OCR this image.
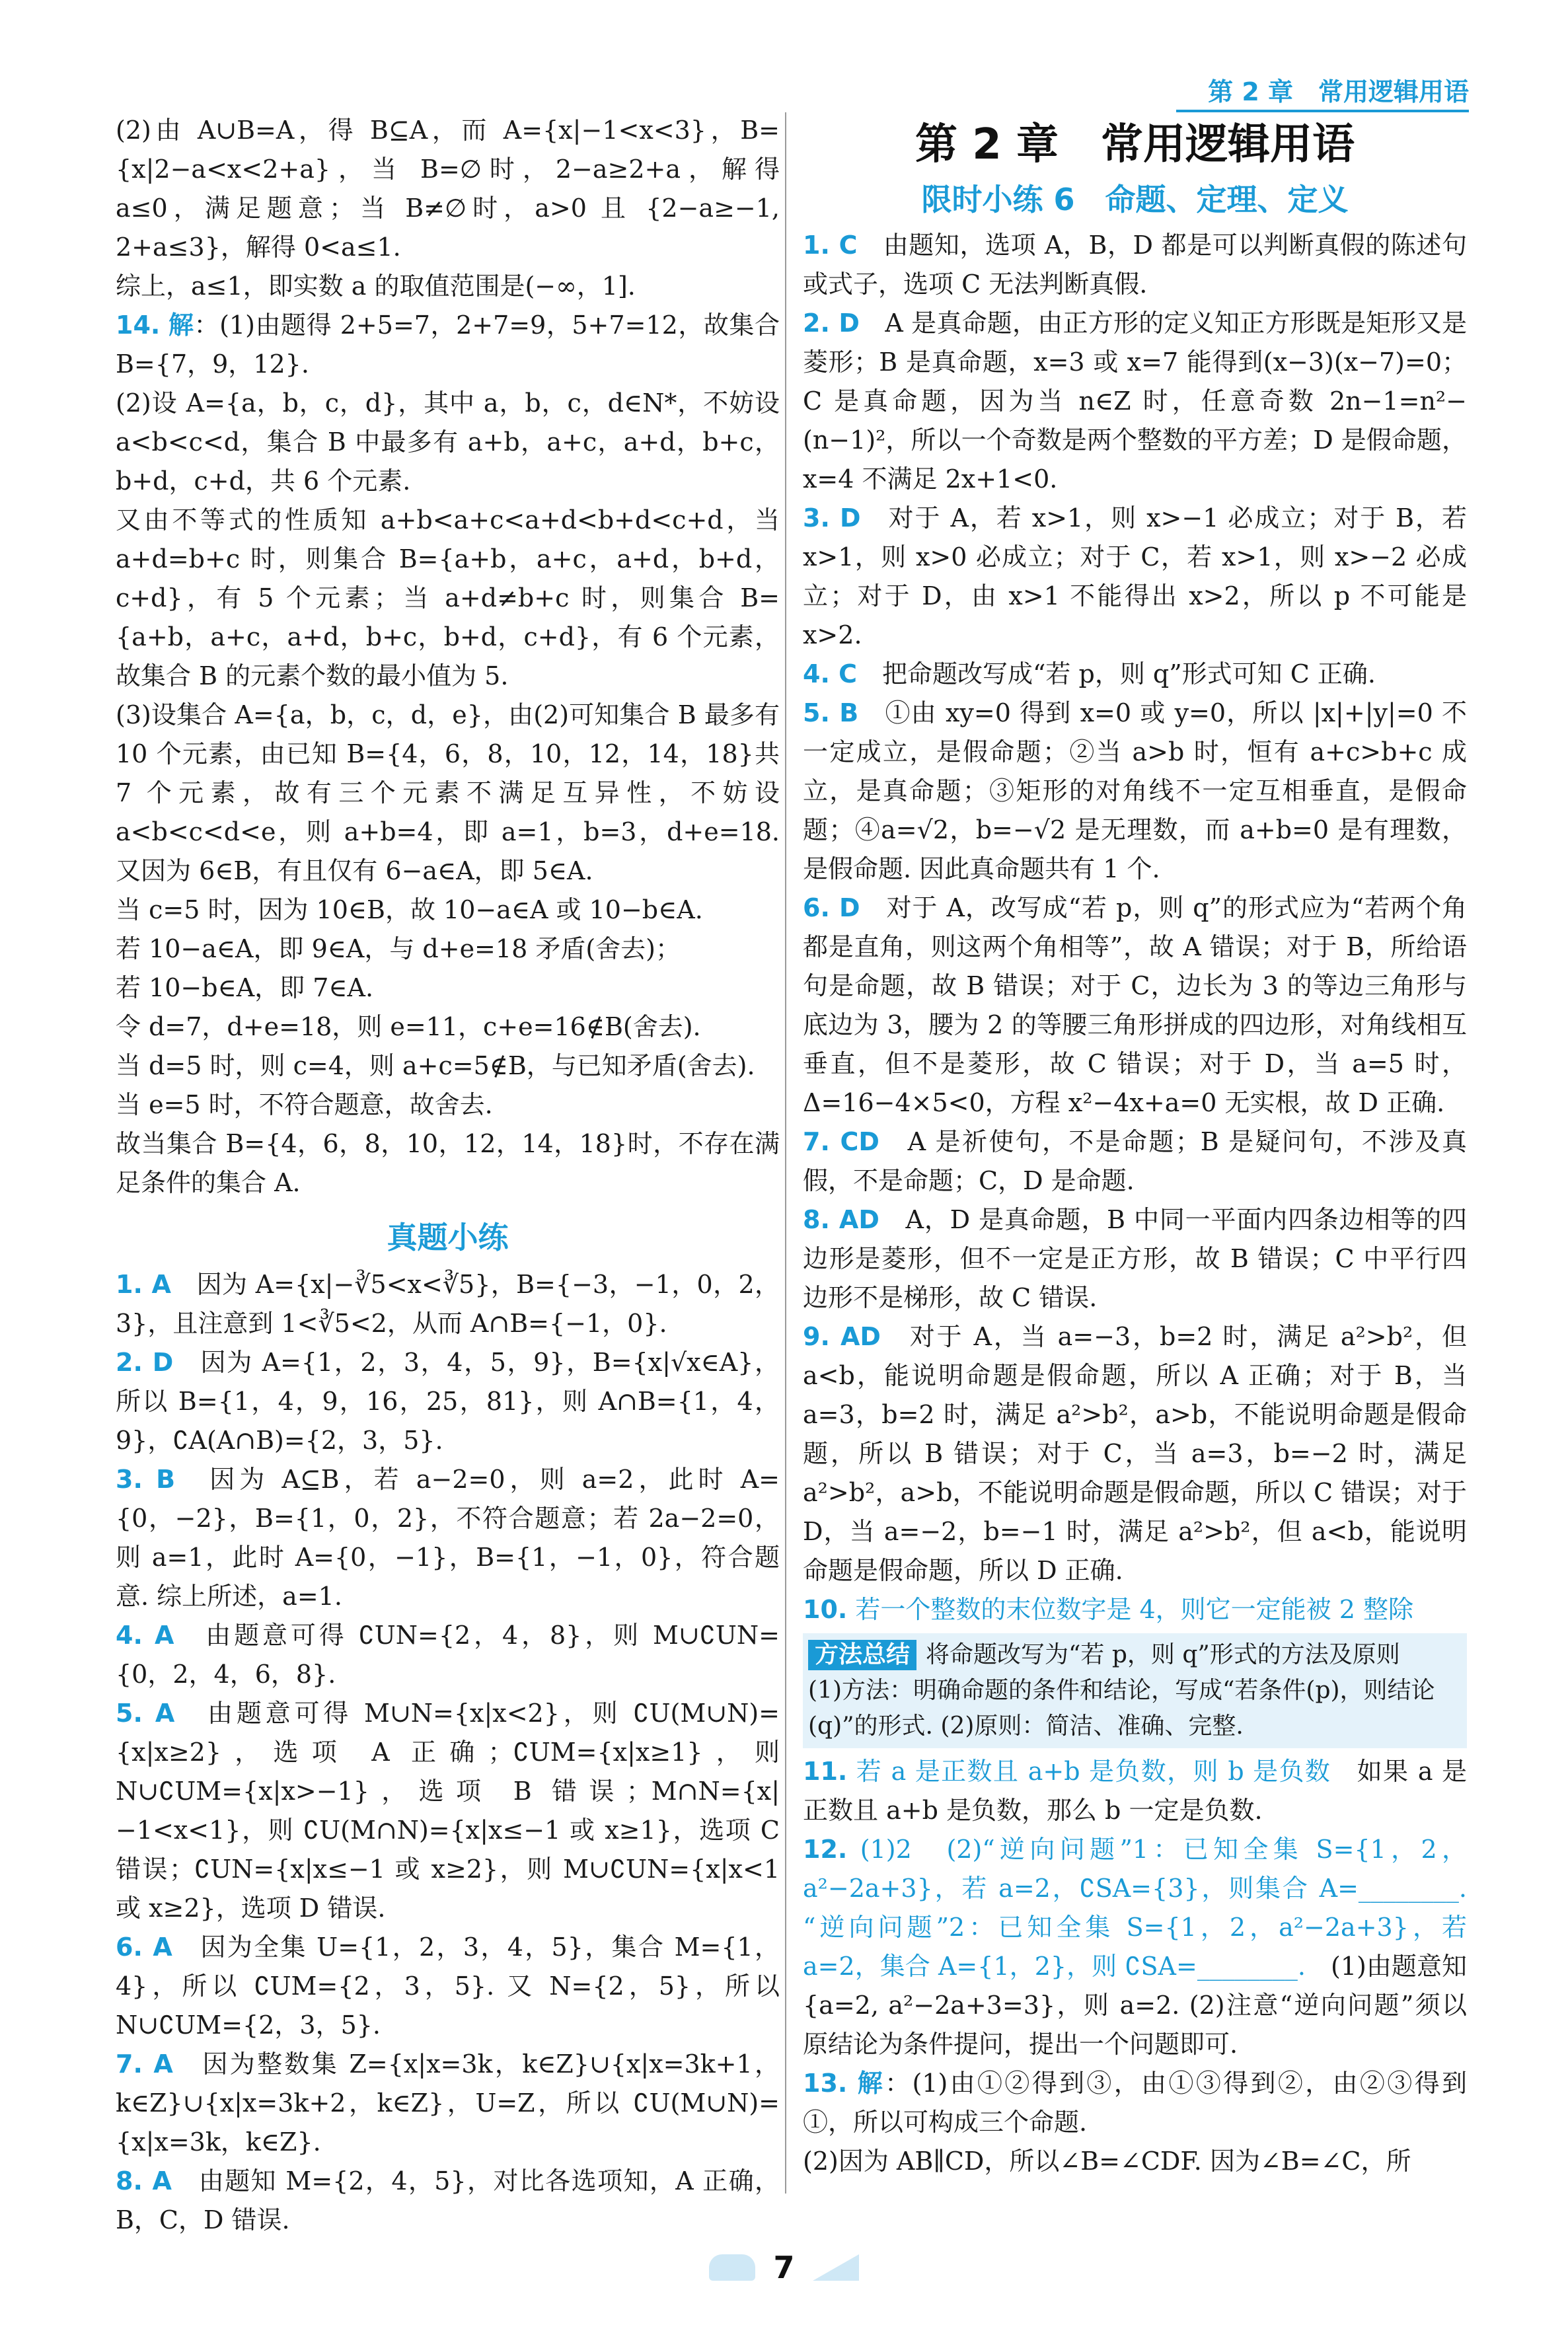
第 2 章　常用逻辑用语

(2)由 A∪B=A，得 B⊆A，而 A={x|−1<x<3}，B={x|2−a<x<2+a}，当 B=∅时，2−a≥2+a，解得 a≤0，满足题意；当 B≠∅时，a>0 且 {2−a≥−1, 2+a≤3}，解得 0<a≤1.

综上，a≤1，即实数 a 的取值范围是(−∞，1].

14. 解：(1)由题得 2+5=7，2+7=9，5+7=12，故集合 B={7，9，12}.

(2)设 A={a，b，c，d}，其中 a，b，c，d∈N*，不妨设 a<b<c<d，集合 B 中最多有 a+b，a+c，a+d，b+c，b+d，c+d，共 6 个元素.

又由不等式的性质知 a+b<a+c<a+d<b+d<c+d，当 a+d=b+c 时，则集合 B={a+b，a+c，a+d，b+d，c+d}，有 5 个元素；当 a+d≠b+c 时，则集合 B={a+b，a+c，a+d，b+c，b+d，c+d}，有 6 个元素，故集合 B 的元素个数的最小值为 5.

(3)设集合 A={a，b，c，d，e}，由(2)可知集合 B 最多有 10 个元素，由已知 B={4，6，8，10，12，14，18}共 7 个元素，故有三个元素不满足互异性，不妨设 a<b<c<d<e，则 a+b=4，即 a=1，b=3，d+e=18. 又因为 6∈B，有且仅有 6−a∈A，即 5∈A.

当 c=5 时，因为 10∈B，故 10−a∈A 或 10−b∈A.

若 10−a∈A，即 9∈A，与 d+e=18 矛盾(舍去)；

若 10−b∈A，即 7∈A.

令 d=7，d+e=18，则 e=11，c+e=16∉B(舍去).

当 d=5 时，则 c=4，则 a+c=5∉B，与已知矛盾(舍去).

当 e=5 时，不符合题意，故舍去.

故当集合 B={4，6，8，10，12，14，18}时，不存在满足条件的集合 A.

真题小练

1. A　因为 A={x|−∛5<x<∛5}，B={−3，−1，0，2，3}，且注意到 1<∛5<2，从而 A∩B={−1，0}.

2. D　因为 A={1，2，3，4，5，9}，B={x|√x∈A}，所以 B={1，4，9，16，25，81}，则 A∩B={1，4，9}，∁A(A∩B)={2，3，5}.

3. B　因为 A⊆B，若 a−2=0，则 a=2，此时 A={0，−2}，B={1，0，2}，不符合题意；若 2a−2=0，则 a=1，此时 A={0，−1}，B={1，−1，0}，符合题意. 综上所述，a=1.

4. A　由题意可得 ∁UN={2，4，8}，则 M∪∁UN={0，2，4，6，8}.

5. A　由题意可得 M∪N={x|x<2}，则 ∁U(M∪N)={x|x≥2}，选项 A 正确；∁UM={x|x≥1}，则 N∪∁UM={x|x>−1}，选项 B 错误；M∩N={x|−1<x<1}，则 ∁U(M∩N)={x|x≤−1 或 x≥1}，选项 C 错误；∁UN={x|x≤−1 或 x≥2}，则 M∪∁UN={x|x<1 或 x≥2}，选项 D 错误.

6. A　因为全集 U={1，2，3，4，5}，集合 M={1，4}，所以 ∁UM={2，3，5}. 又 N={2，5}，所以 N∪∁UM={2，3，5}.

7. A　因为整数集 Z={x|x=3k，k∈Z}∪{x|x=3k+1，k∈Z}∪{x|x=3k+2，k∈Z}，U=Z，所以 ∁U(M∪N)={x|x=3k，k∈Z}.

8. A　由题知 M={2，4，5}，对比各选项知，A 正确，B，C，D 错误.

第 2 章　常用逻辑用语
限时小练 6　命题、定理、定义

1. C　由题知，选项 A，B，D 都是可以判断真假的陈述句或式子，选项 C 无法判断真假.

2. D　A 是真命题，由正方形的定义知正方形既是矩形又是菱形；B 是真命题，x=3 或 x=7 能得到(x−3)(x−7)=0；C 是真命题，因为当 n∈Z 时，任意奇数 2n−1=n²−(n−1)²，所以一个奇数是两个整数的平方差；D 是假命题，x=4 不满足 2x+1<0.

3. D　对于 A，若 x>1，则 x>−1 必成立；对于 B，若 x>1，则 x>0 必成立；对于 C，若 x>1，则 x>−2 必成立；对于 D，由 x>1 不能得出 x>2，所以 p 不可能是 x>2.

4. C　把命题改写成“若 p，则 q”形式可知 C 正确.

5. B　①由 xy=0 得到 x=0 或 y=0，所以 |x|+|y|=0 不一定成立，是假命题；②当 a>b 时，恒有 a+c>b+c 成立，是真命题；③矩形的对角线不一定互相垂直，是假命题；④a=√2，b=−√2 是无理数，而 a+b=0 是有理数，是假命题. 因此真命题共有 1 个.

6. D　对于 A，改写成“若 p，则 q”的形式应为“若两个角都是直角，则这两个角相等”，故 A 错误；对于 B，所给语句是命题，故 B 错误；对于 C，边长为 3 的等边三角形与底边为 3，腰为 2 的等腰三角形拼成的四边形，对角线相互垂直，但不是菱形，故 C 错误；对于 D，当 a=5 时，Δ=16−4×5<0，方程 x²−4x+a=0 无实根，故 D 正确.

7. CD　A 是祈使句，不是命题；B 是疑问句，不涉及真假，不是命题；C，D 是命题.

8. AD　A，D 是真命题，B 中同一平面内四条边相等的四边形是菱形，但不一定是正方形，故 B 错误；C 中平行四边形不是梯形，故 C 错误.

9. AD　对于 A，当 a=−3，b=2 时，满足 a²>b²，但 a<b，能说明命题是假命题，所以 A 正确；对于 B，当 a=3，b=2 时，满足 a²>b²，a>b，不能说明命题是假命题，所以 B 错误；对于 C，当 a=3，b=−2 时，满足 a²>b²，a>b，不能说明命题是假命题，所以 C 错误；对于 D，当 a=−2，b=−1 时，满足 a²>b²，但 a<b，能说明命题是假命题，所以 D 正确.

10. 若一个整数的末位数字是 4，则它一定能被 2 整除

方法总结 将命题改写为“若 p，则 q”形式的方法及原则
(1)方法：明确命题的条件和结论，写成“若条件(p)，则结论(q)”的形式. (2)原则：简洁、准确、完整.

11. 若 a 是正数且 a+b 是负数，则 b 是负数　如果 a 是正数且 a+b 是负数，那么 b 一定是负数.

12. (1)2　(2)“逆向问题”1：已知全集 S={1，2，a²−2a+3}，若 a=2，∁SA={3}，则集合 A=________. “逆向问题”2：已知全集 S={1，2，a²−2a+3}，若 a=2，集合 A={1，2}，则 ∁SA=________.　(1)由题意知 {a=2, a²−2a+3=3}，则 a=2. (2)注意“逆向问题”须以原结论为条件提问，提出一个问题即可.

13. 解：(1)由①②得到③，由①③得到②，由②③得到①，所以可构成三个命题.

(2)因为 AB∥CD，所以∠B=∠CDF. 因为∠B=∠C，所

7
